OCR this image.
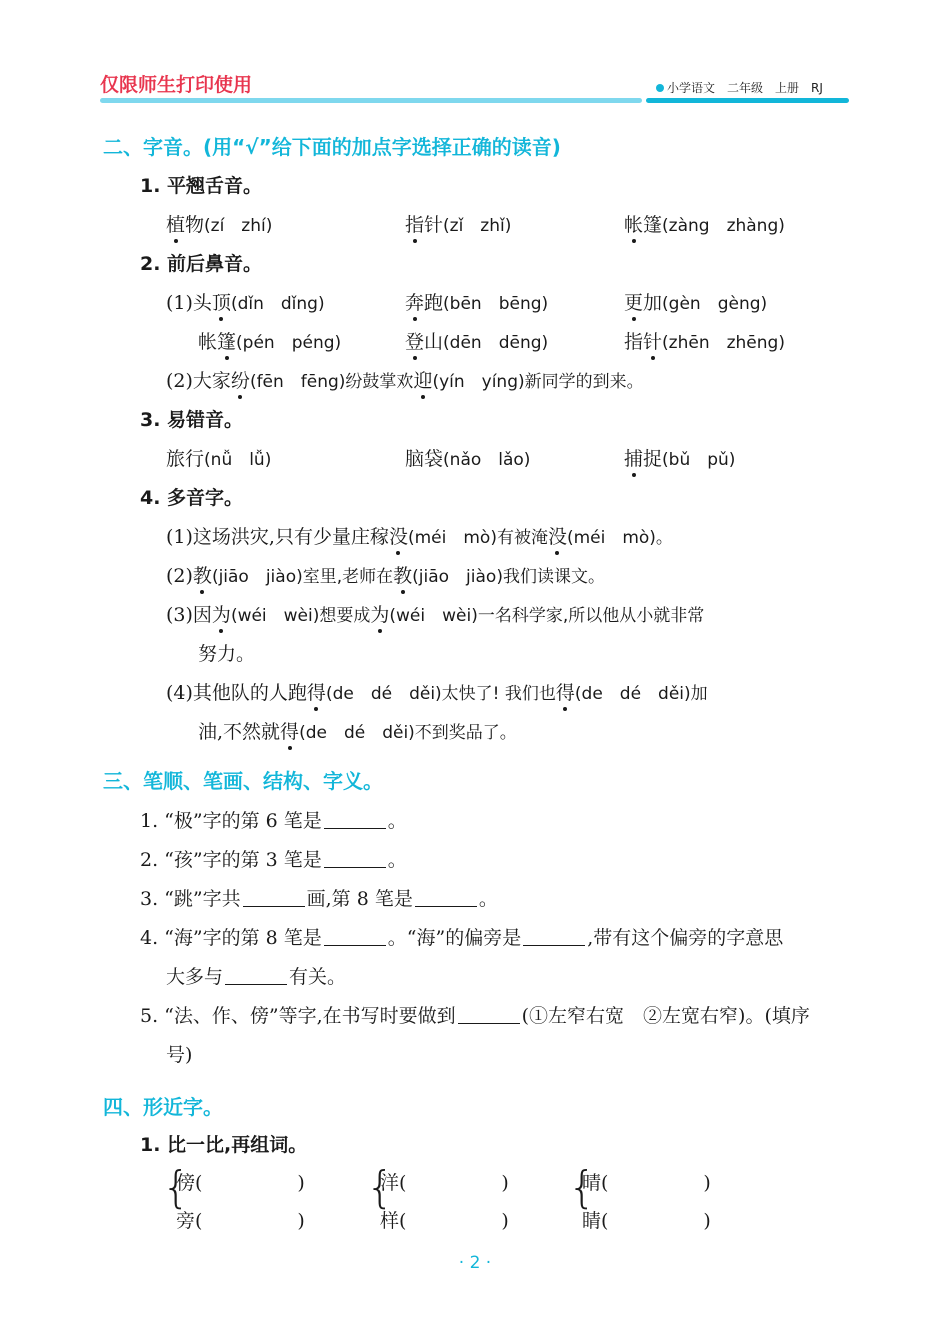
仅限师生打印使用	小学语文 二年级 上册 RJ
二、字音。(用“√”给下面的加点字选择正确的读音)
1. 平翘舌音。
植物(zí　zhí)	指针(zǐ　zhǐ)	帐篷(zàng　zhàng)
2. 前后鼻音。
(1)头顶(dǐn　dǐng)	奔跑(bēn　bēng)	更加(gèn　gèng)
帐篷(pén　péng)	登山(dēn　dēng)	指针(zhēn　zhēng)
(2)大家纷(fēn　fēng)纷鼓掌欢迎(yín　yíng)新同学的到来。
3. 易错音。
旅行(nǚ　lǚ)	脑袋(nǎo　lǎo)	捕捉(bǔ　pǔ)
4. 多音字。
(1)这场洪灾,只有少量庄稼没(méi　mò)有被淹没(méi　mò)。
(2)教(jiāo　jiào)室里,老师在教(jiāo　jiào)我们读课文。
(3)因为(wéi　wèi)想要成为(wéi　wèi)一名科学家,所以他从小就非常
努力。
(4)其他队的人跑得(de　dé　děi)太快了! 我们也得(de　dé　děi)加
油,不然就得(de　dé　děi)不到奖品了。
三、笔顺、笔画、结构、字义。
1. “极”字的第 6 笔是	。
2. “孩”字的第 3 笔是	。
3. “跳”字共	画,第 8 笔是	。
4. “海”字的第 8 笔是	。“海”的偏旁是	,带有这个偏旁的字意思
大多与	有关。
5. “法、作、傍”等字,在书写时要做到	(①左窄右宽　②左宽右窄)。(填序
号)
四、形近字。
1. 比一比,再组词。
{
傍(　　　　　)
旁(　　　　　)
{
洋(　　　　　)
样(　　　　　)
{
晴(　　　　　)
睛(　　　　　)
· 2 ·
